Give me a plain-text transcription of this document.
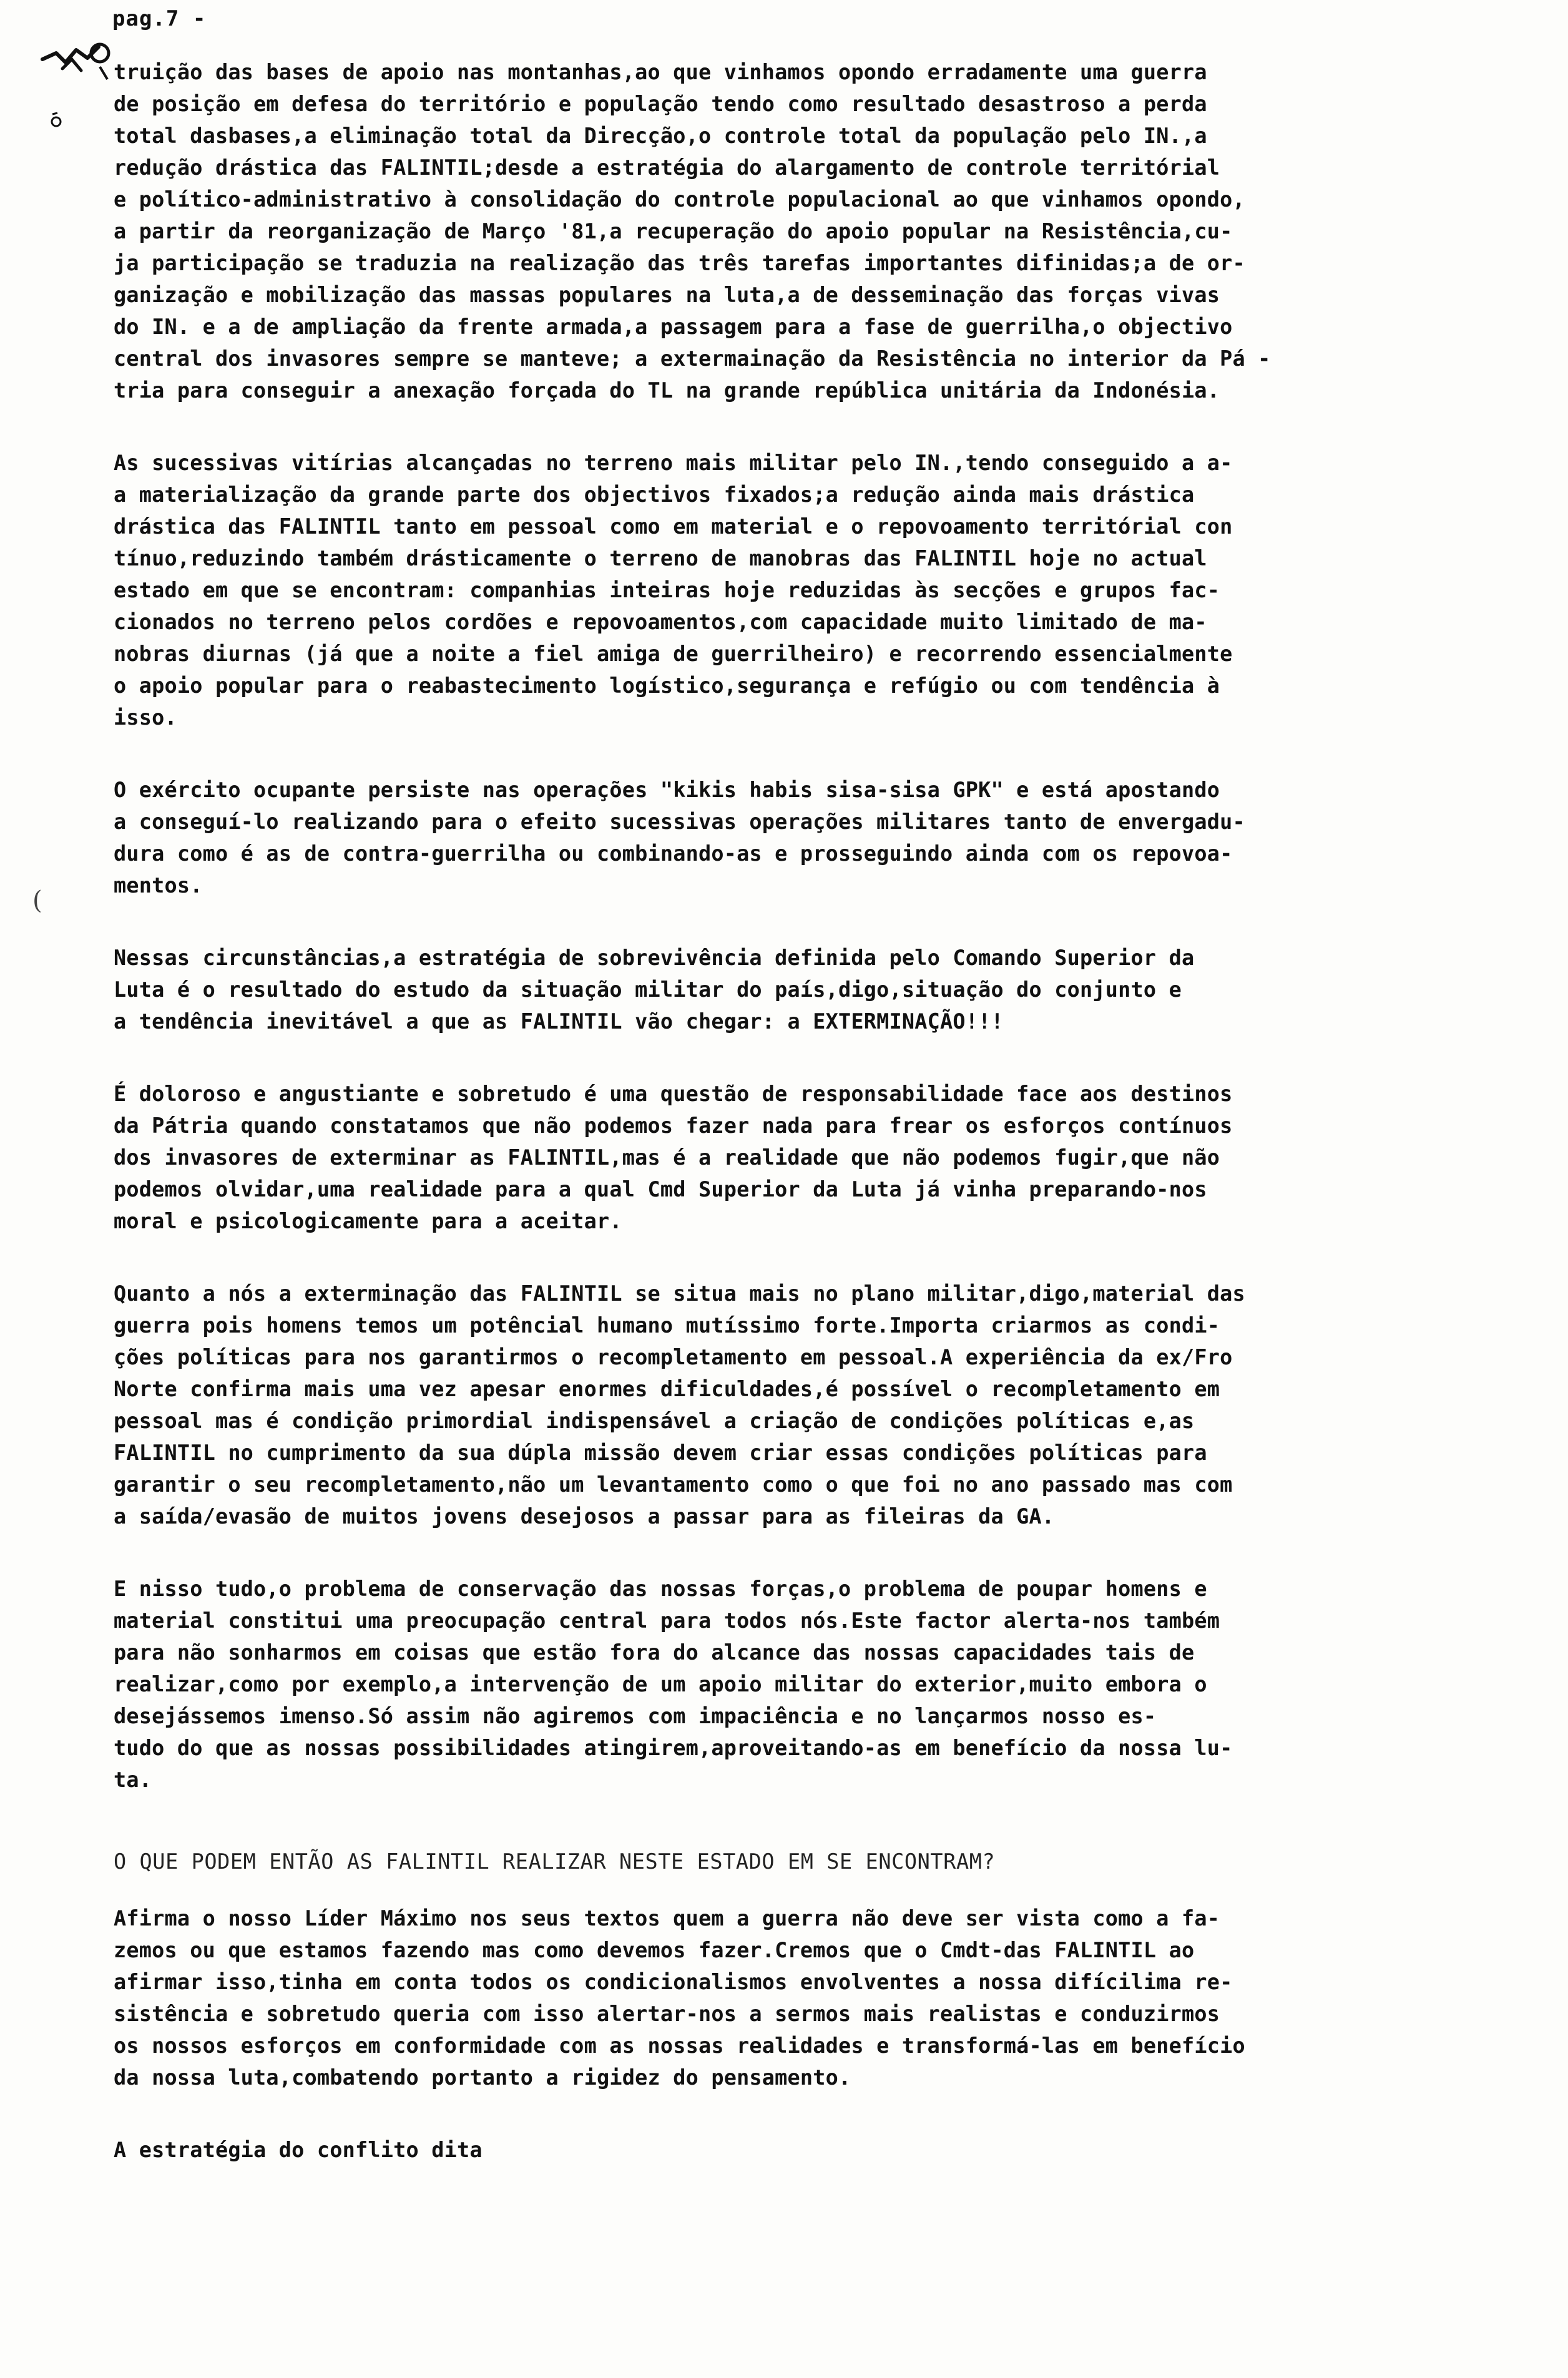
pag.7 -
(
truição das bases de apoio nas montanhas,ao que vinhamos opondo erradamente uma guerra
de posição em defesa do território e população tendo como resultado desastroso a perda
total dasbases,a eliminação total da Direcção,o controle total da população pelo IN.,a
redução drástica das FALINTIL;desde a estratégia do alargamento de controle territórial
e político-administrativo à consolidação do controle populacional ao que vinhamos opondo,
a partir da reorganização de Março '81,a recuperação do apoio popular na Resistência,cu-
ja participação se traduzia na realização das três tarefas importantes difinidas;a de or-
ganização e mobilização das massas populares na luta,a de desseminação das forças vivas
do IN. e a de ampliação da frente armada,a passagem para a fase de guerrilha,o objectivo
central dos invasores sempre se manteve; a extermainação da Resistência no interior da Pá -
tria para conseguir a anexação forçada do TL na grande república unitária da Indonésia.
As sucessivas vitírias alcançadas no terreno mais militar pelo IN.,tendo conseguido a a-
a materialização da grande parte dos objectivos fixados;a redução ainda mais drástica
drástica das FALINTIL tanto em pessoal como em material e o repovoamento territórial con
tínuo,reduzindo também drásticamente o terreno de manobras das FALINTIL hoje no actual
estado em que se encontram: companhias inteiras hoje reduzidas às secções e grupos fac-
cionados no terreno pelos cordões e repovoamentos,com capacidade muito limitado de ma-
nobras diurnas (já que a noite a fiel amiga de guerrilheiro) e recorrendo essencialmente
o apoio popular para o reabastecimento logístico,segurança e refúgio ou com tendência à
isso.
O exército ocupante persiste nas operações "kikis habis sisa-sisa GPK" e está apostando
a conseguí-lo realizando para o efeito sucessivas operações militares tanto de envergadu-
dura como é as de contra-guerrilha ou combinando-as e prosseguindo ainda com os repovoa-
mentos.
Nessas circunstâncias,a estratégia de sobrevivência definida pelo Comando Superior da
Luta é o resultado do estudo da situação militar do país,digo,situação do conjunto e
a tendência inevitável a que as FALINTIL vão chegar: a EXTERMINAÇÃO!!!
É doloroso e angustiante e sobretudo é uma questão de responsabilidade face aos destinos
da Pátria quando constatamos que não podemos fazer nada para frear os esforços contínuos
dos invasores de exterminar as FALINTIL,mas é a realidade que não podemos fugir,que não
podemos olvidar,uma realidade para a qual Cmd Superior da Luta já vinha preparando-nos
moral e psicologicamente para a aceitar.
Quanto a nós a exterminação das FALINTIL se situa mais no plano militar,digo,material das
guerra pois homens temos um potêncial humano mutíssimo forte.Importa criarmos as condi-
ções políticas para nos garantirmos o recompletamento em pessoal.A experiência da ex/Fro
Norte confirma mais uma vez apesar enormes dificuldades,é possível o recompletamento em
pessoal mas é condição primordial indispensável a criação de condições políticas e,as
FALINTIL no cumprimento da sua dúpla missão devem criar essas condições políticas para
garantir o seu recompletamento,não um levantamento como o que foi no ano passado mas com
a saída/evasão de muitos jovens desejosos a passar para as fileiras da GA.
E nisso tudo,o problema de conservação das nossas forças,o problema de poupar homens e
material constitui uma preocupação central para todos nós.Este factor alerta-nos também
para não sonharmos em coisas que estão fora do alcance das nossas capacidades tais de
realizar,como por exemplo,a intervenção de um apoio militar do exterior,muito embora o
desejássemos imenso.Só assim não agiremos com impaciência e no lançarmos nosso es-
tudo do que as nossas possibilidades atingirem,aproveitando-as em benefício da nossa lu-
ta.
O QUE PODEM ENTÃO AS FALINTIL REALIZAR NESTE ESTADO EM SE ENCONTRAM?
Afirma o nosso Líder Máximo nos seus textos quem a guerra não deve ser vista como a fa-
zemos ou que estamos fazendo mas como devemos fazer.Cremos que o Cmdt-das FALINTIL ao
afirmar isso,tinha em conta todos os condicionalismos envolventes a nossa difícilima re-
sistência e sobretudo queria com isso alertar-nos a sermos mais realistas e conduzirmos
os nossos esforços em conformidade com as nossas realidades e transformá-las em benefício
da nossa luta,combatendo portanto a rigidez do pensamento.
A estratégia do conflito dita
